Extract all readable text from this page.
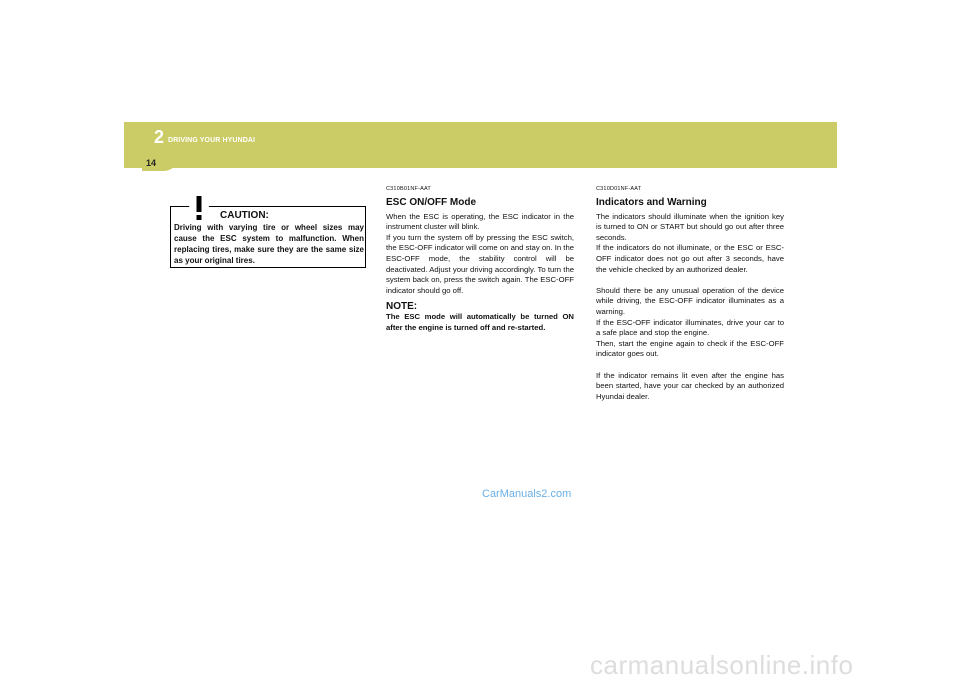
2 DRIVING YOUR HYUNDAI
14
CAUTION:
Driving with varying tire or wheel sizes may cause the ESC system to malfunction. When replacing tires, make sure they are the same size as your original tires.

C310B01NF-AAT

ESC ON/OFF Mode

When the ESC is operating, the ESC indicator in the instrument cluster will blink.
If you turn the system off by pressing the ESC switch, the ESC-OFF indicator will come on and stay on. In the ESC-OFF mode, the stability control will be deactivated. Adjust your driving accordingly. To turn the system back on, press the switch again. The ESC-OFF indicator should go off.

NOTE:

The ESC mode will automatically be turned ON after the engine is turned off and re-started.

C310D01NF-AAT

Indicators and Warning

The indicators should illuminate when the ignition key is turned to ON or START but should go out after three seconds.
If the indicators do not illuminate, or the ESC or ESC-OFF indicator does not go out after 3 seconds, have the vehicle checked by an authorized dealer.

Should there be any unusual operation of the device while driving, the ESC-OFF indicator illuminates as a warning.
If the ESC-OFF indicator illuminates, drive your car to a safe place and stop the engine.
Then, start the engine again to check if the ESC-OFF indicator goes out.

If the indicator remains lit even after the engine has been started, have your car checked by an authorized Hyundai dealer.

CarManuals2.com
carmanualsonline.info
